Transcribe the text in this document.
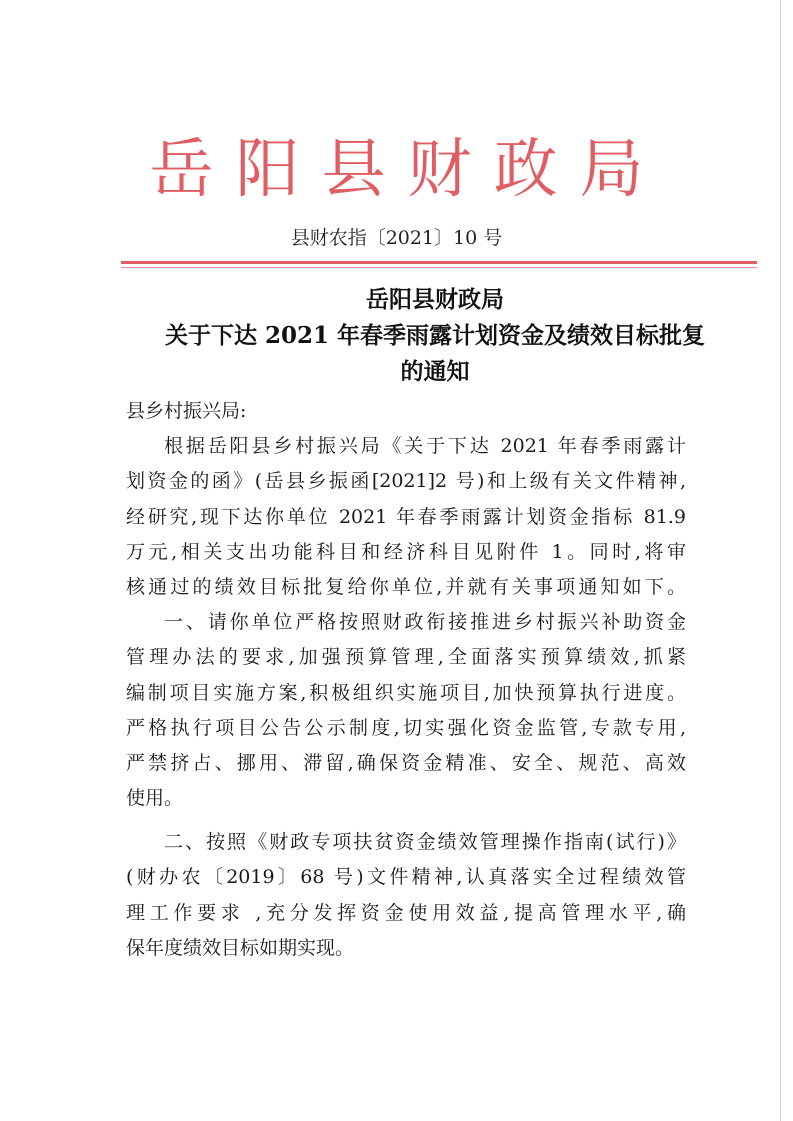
岳阳县财政局
县财农指〔2021〕10 号
岳阳县财政局
关于下达 2021 年春季雨露计划资金及绩效目标批复
的通知
县乡村振兴局:
根据岳阳县乡村振兴局《关于下达 2021 年春季雨露计
划资金的函》(岳县乡振函[2021]2 号)和上级有关文件精神,
经研究,现下达你单位 2021 年春季雨露计划资金指标 81.9
万元,相关支出功能科目和经济科目见附件 1。同时,将审
核通过的绩效目标批复给你单位,并就有关事项通知如下。
一、请你单位严格按照财政衔接推进乡村振兴补助资金
管理办法的要求,加强预算管理,全面落实预算绩效,抓紧
编制项目实施方案,积极组织实施项目,加快预算执行进度。
严格执行项目公告公示制度,切实强化资金监管,专款专用,
严禁挤占、挪用、滞留,确保资金精准、安全、规范、高效
使用。
二、按照《财政专项扶贫资金绩效管理操作指南(试行)》
(财办农〔2019〕68 号)文件精神,认真落实全过程绩效管
理工作要求 ,充分发挥资金使用效益,提高管理水平,确
保年度绩效目标如期实现。
